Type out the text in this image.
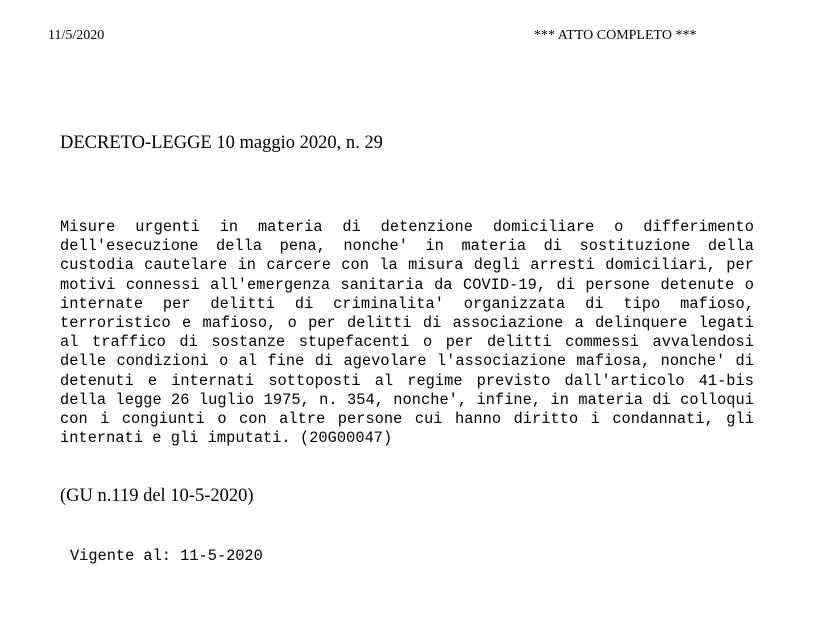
11/5/2020	*** ATTO COMPLETO ***
DECRETO-LEGGE 10 maggio 2020, n. 29

Misure urgenti in materia di detenzione domiciliare o differimento dell'esecuzione della pena, nonche' in materia di sostituzione della custodia cautelare in carcere con la misura degli arresti domiciliari, per motivi connessi all'emergenza sanitaria da COVID-19, di persone detenute o internate per delitti di criminalita' organizzata di tipo mafioso, terroristico e mafioso, o per delitti di associazione a delinquere legati al traffico di sostanze stupefacenti o per delitti commessi avvalendosi delle condizioni o al fine di agevolare l'associazione mafiosa, nonche' di detenuti e internati sottoposti al regime previsto dall'articolo 41-bis della legge 26 luglio 1975, n. 354, nonche', infine, in materia di colloqui con i congiunti o con altre persone cui hanno diritto i condannati, gli internati e gli imputati. (20G00047)

(GU n.119 del 10-5-2020)
Vigente al: 11-5-2020
